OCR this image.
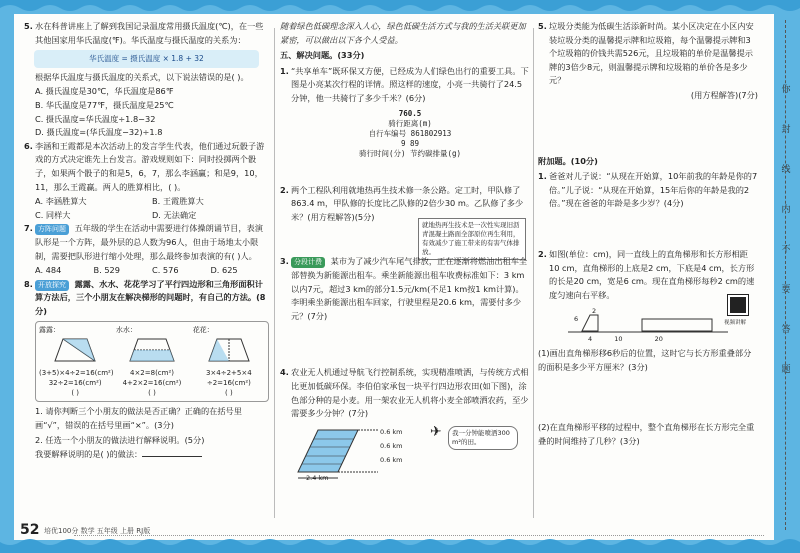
5. 水在科普讲座上了解到我国记录温度常用摄氏温度(℃)，在一些其他国家用华氏温度(℉)。华氏温度与摄氏温度的关系为：
华氏温度 = 摄氏温度 × 1.8 + 32
根据华氏温度与摄氏温度的关系式，以下说法错误的是( )。
A. 摄氏温度是30℃，华氏温度是86℉
B. 华氏温度是77℉，摄氏温度是25℃
C. 摄氏温度=华氏温度÷1.8−32
D. 摄氏温度=(华氏温度−32)÷1.8
6. 李涵和王霞都是本次活动上的发言学生代表，他们通过玩骰子游戏的方式决定谁先上台发言。游戏规则如下：同时投掷两个骰子，如果两个骰子的和是5，6，7，那么李涵赢；和是9，10，11，那么王霞赢。两人的胜算相比，( )。
A. 李涵胜算大	B. 王霞胜算大
C. 同样大	D. 无法确定
7. 方阵问题 五年级的学生在活动中需要进行体操朗诵节目，表演队形是一个方阵，最外层的总人数为96人，但由于场地太小限制，需要把队形进行缩小处理，那么最终参加表演的有( )人。
A. 484	B. 529	C. 576	D. 625
8. 开放探究 露露、水水、花花学习了平行四边形和三角形面积计算方法后，三个小朋友在解决梯形的问题时，有自己的方法。(8分)
露露：
(3+5)×4÷2=16(cm²)
32÷2=16(cm²)
( )
水水：
4×2=8(cm²)
4+2×2=16(cm²)
( )
花花：
3×4÷2+5×4
÷2=16(cm²)
( )
1. 请你判断三个小朋友的做法是否正确？正确的在括号里画“√”，错误的在括号里画“×”。(3分)
2. 任选一个小朋友的做法进行解释说明。(5分)
我要解释说明的是( )的做法：
随着绿色低碳理念深入人心，绿色低碳生活方式与我的生活关联更加紧密，可以做出以下各个人受益。
五、解决问题。(33分)
1. “共享单车”既环保又方便，已经成为人们绿色出行的重要工具。下图是小亮某次行程的详情。照这样的速度，小亮一共骑行了24.5分钟，他一共骑行了多少千米？(6分)
760.5
骑行距离(m)
自行车编号 861802913
9 89
骑行时间(分) 节约碳排量(g)
2. 两个工程队利用就地热再生技术修一条公路。定工时，甲队修了863.4 m，甲队修的长度比乙队修的2倍少30 m。乙队修了多少米？(用方程解答)(5分)
就地热再生技术是一次性实现旧沥青混凝土路面全部原位再生利用，有效减少了施工带来的有害气体排放。
3. 分段计费 某市为了减少汽车尾气排放，正在逐渐将燃油出租车全部替换为新能源出租车。乘坐新能源出租车收费标准如下：3 km以内7元，超过3 km的部分1.5元/km(不足1 km按1 km计算)。李明乘坐新能源出租车回家，行驶里程是20.6 km，需要付多少元？(7分)
4. 农业无人机通过导航飞行控制系统，实现精准喷洒，与传统方式相比更加低碳环保。李伯伯家承包一块平行四边形农田(如下图)，涂色部分种的是小麦。用一架农业无人机将小麦全部喷洒农药，至少需要多少分钟？(7分)
0.6 km
0.6 km
0.6 km
2.4 km
✈	我一分钟能喷洒300 m²的田。
5. 垃圾分类能为低碳生活添新时尚。某小区决定在小区内安装垃圾分类的温馨提示牌和垃圾箱，每个温馨提示牌和3个垃圾箱的价钱共需526元，且垃圾箱的单价是温馨提示牌的3倍少8元，则温馨提示牌和垃圾箱的单价各是多少元？
(用方程解答)(7分)
附加题。(10分)
1. 爸爸对儿子说：“从现在开始算，10年前我的年龄是你的7倍。”儿子说：“从现在开始算，15年后你的年龄是我的2倍。”现在爸爸的年龄是多少岁？(4分)
2. 如图(单位：cm)，同一直线上的直角梯形和长方形相距10 cm，直角梯形的上底是2 cm，下底是4 cm，长方形的长是20 cm，宽是6 cm。现在直角梯形每秒2 cm的速度匀速向右平移。
6
2
视频讲解
4	10	20
(1)画出直角梯形移6秒后的位置，这时它与长方形重叠部分的面积是多少平方厘米？(3分)
(2)在直角梯形平移的过程中，整个直角梯形在长方形完全重叠的时间维持了几秒？(3分)
52 培优100分 数学 五年级 上册 RJ版
你
封
线
内
不
要
答
题
